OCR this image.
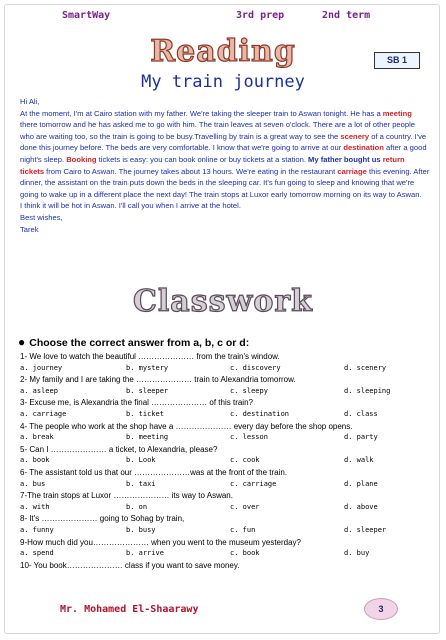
SmartWay	3rd prep	2nd term
Reading	SB 1
My train journey

Hi Ali,

At the moment, I'm at Cairo station with my father. We're taking the sleeper train to Aswan tonight. He has a meeting there tomorrow and he has asked me to go with him. The train leaves at seven o'clock. There are a lot of other people who are waiting too, so the train is going to be busy.Travelling by train is a great way to see the scenery of a country. I've done this journey before. The beds are very comfortable. I know that we're going to arrive at our destination after a good night's sleep. Booking tickets is easy: you can book online or buy tickets at a station. My father bought us return tickets from Cairo to Aswan. The journey takes about 13 hours. We're eating in the restaurant carriage this evening. After dinner, the assistant on the train puts down the beds in the sleeping car. It's fun going to sleep and knowing that we're going to wake up in a different place the next day! The train stops at Luxor early tomorrow morning on its way to Aswan.

I think it will be hot in Aswan. I'll call you when I arrive at the hotel.

Best wishes,

Tarek

Classwork
● Choose the correct answer from a, b, c or d:
1- We love to watch the beautiful ………………… from the train's window.
a. journey	b. mystery	c. discovery	d. scenery
2- My family and I are taking the ………………… train to Alexandria tomorrow.
a. asleep	b. sleeper	c. sleepy	d. sleeping
3- Excuse me, is Alexandria the final ………………… of this train?
a. carriage	b. ticket	c. destination	d. class
4- The people who work at the shop have a ………………… every day before the shop opens.
a. break	b. meeting	c. lesson	d. party
5- Can I ………………… a ticket, to Alexandria, please?
a. book	b. Look	c. cook	d. walk
6- The assistant told us that our …………………was at the front of the train.
a. bus	b. taxi	c. carriage	d. plane
7-The train stops at Luxor ………………… its way to Aswan.
a. with	b. on	c. over	d. above
8- It's ………………… going to Sohag by train,
a. funny	b. busy	c. fun	d. sleeper
9-How much did you………………… when you went to the museum yesterday?
a. spend	b. arrive	c. book	d. buy
10- You book………………… class if you want to save money.
Mr. Mohamed El-Shaarawy	3
